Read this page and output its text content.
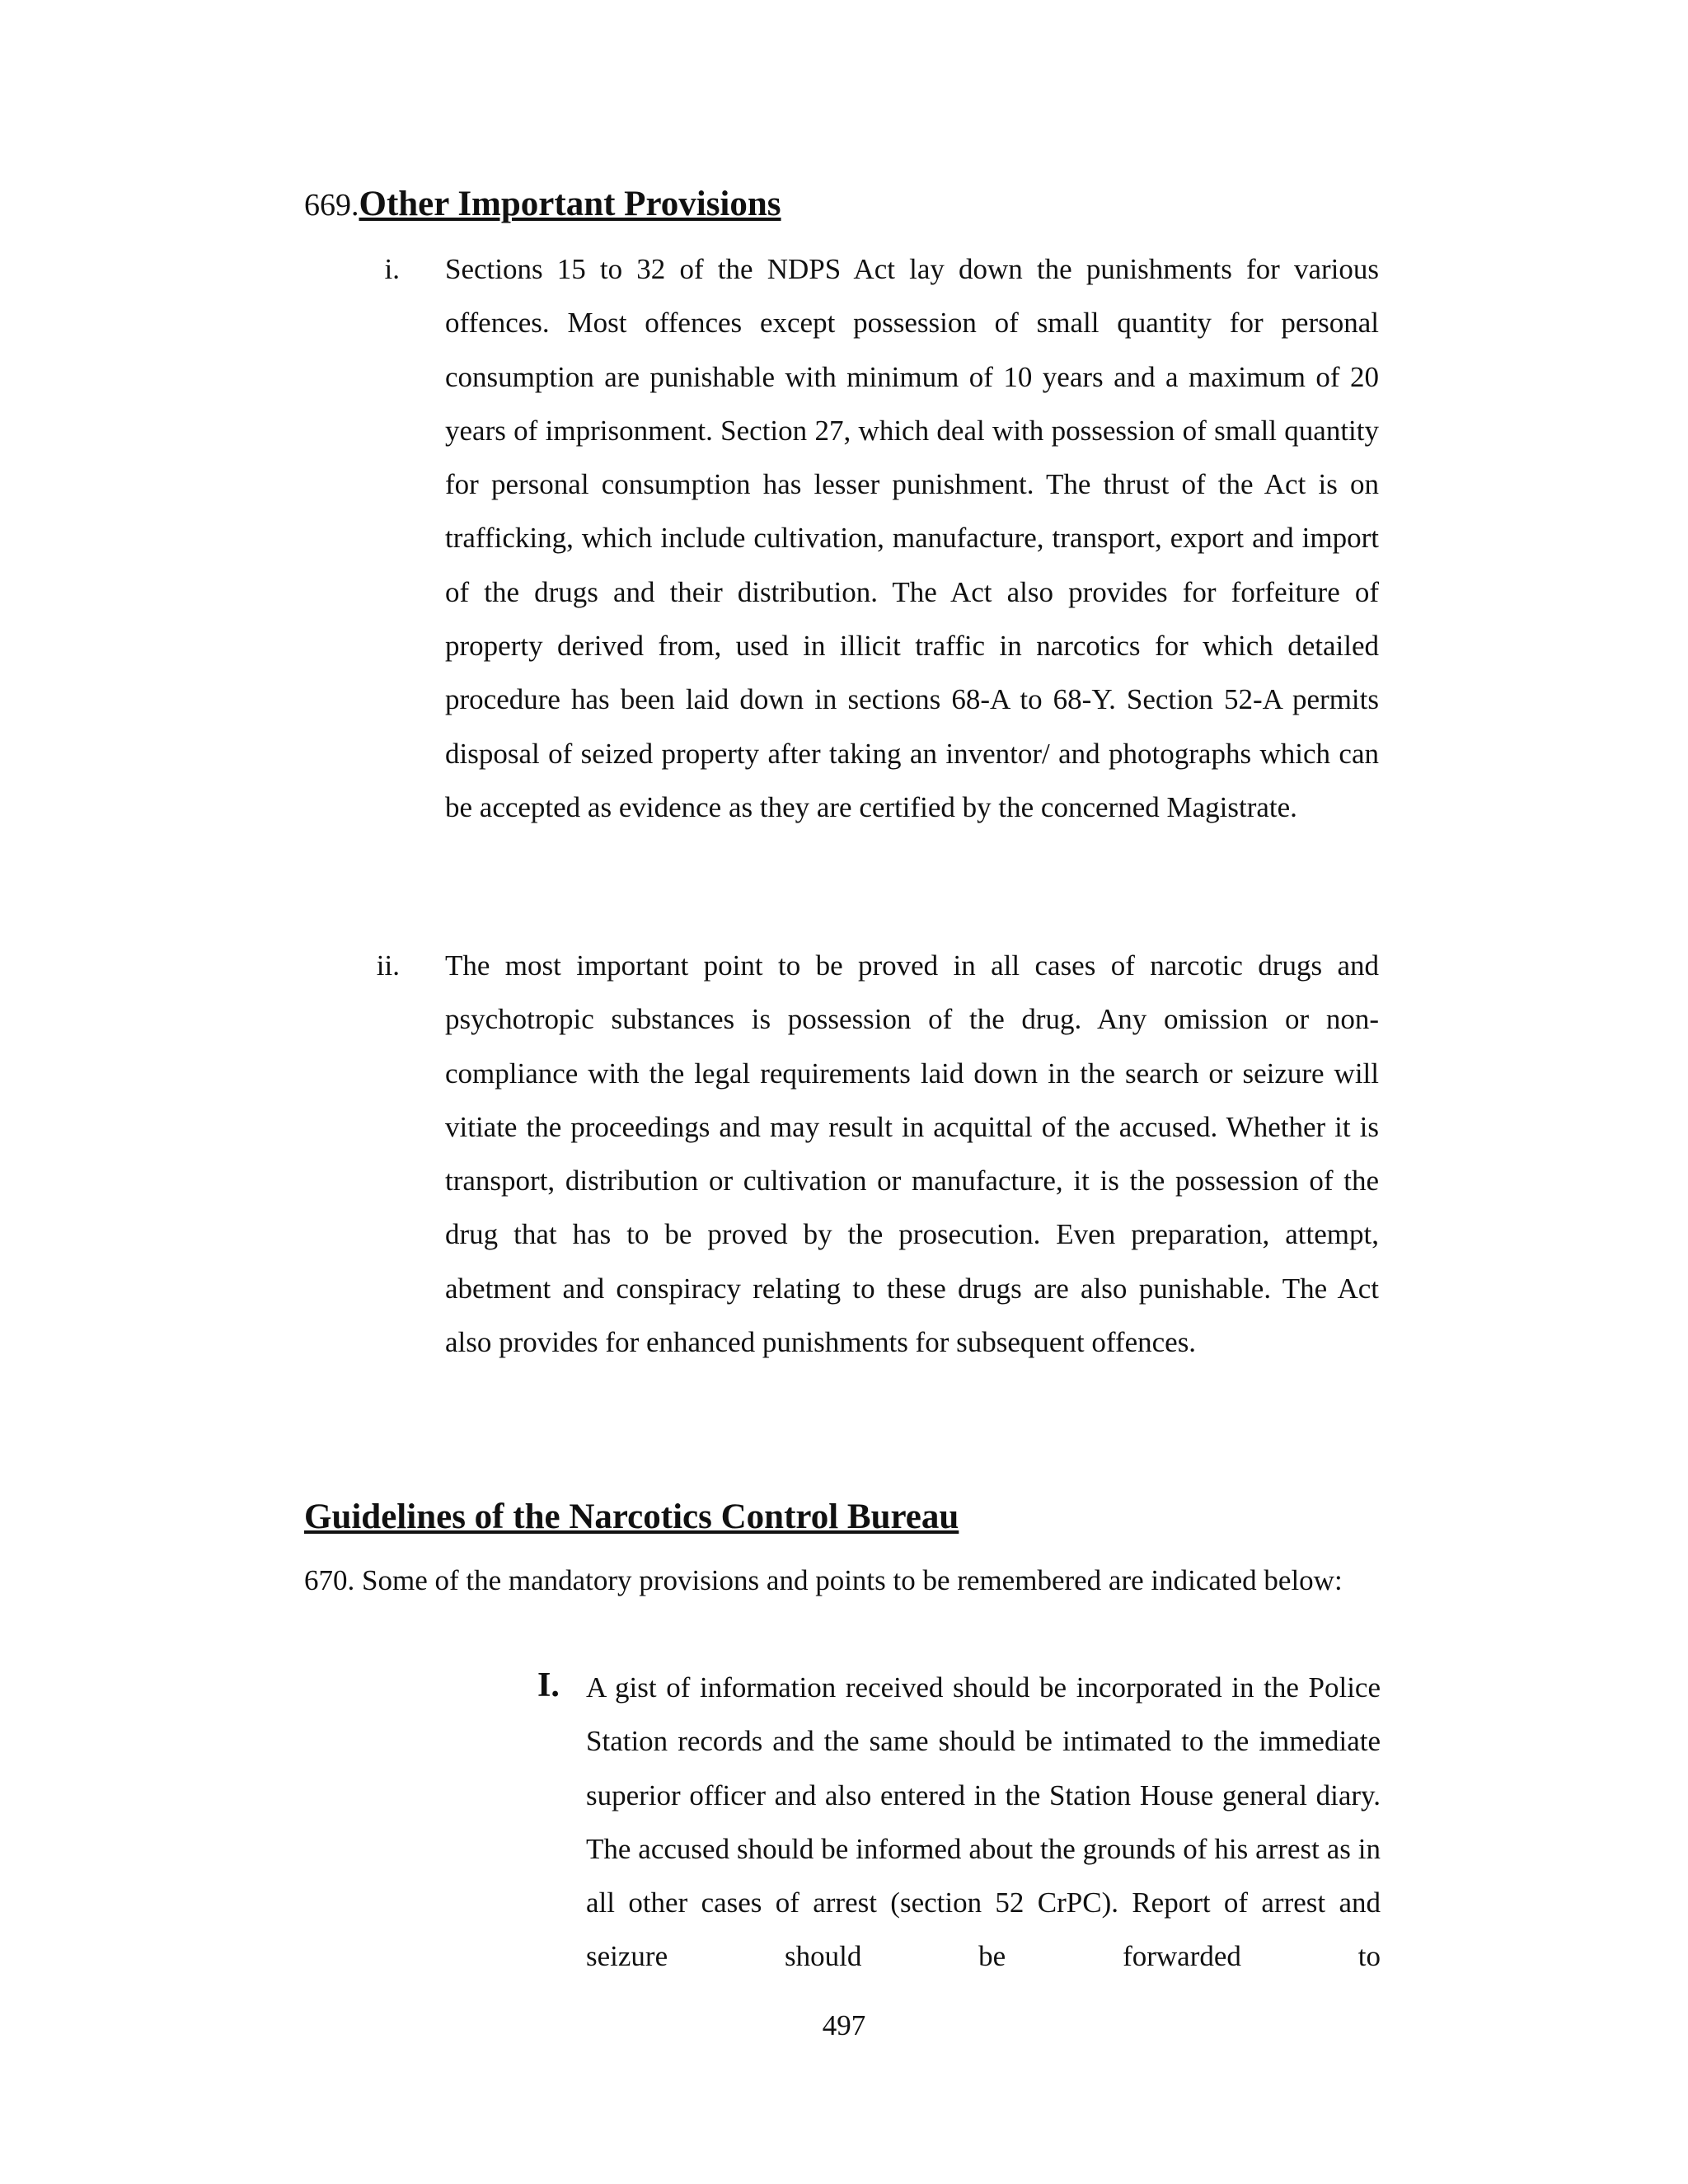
669.Other Important Provisions
i. Sections 15 to 32 of the NDPS Act lay down the punishments for various offences. Most offences except possession of small quantity for personal consumption are punishable with minimum of 10 years and a maximum of 20 years of imprisonment. Section 27, which deal with possession of small quantity for personal consumption has lesser punishment. The thrust of the Act is on trafficking, which include cultivation, manufacture, transport, export and import of the drugs and their distribution. The Act also provides for forfeiture of property derived from, used in illicit traffic in narcotics for which detailed procedure has been laid down in sections 68-A to 68-Y. Section 52-A permits disposal of seized property after taking an inventor/ and photographs which can be accepted as evidence as they are certified by the concerned Magistrate.
ii. The most important point to be proved in all cases of narcotic drugs and psychotropic substances is possession of the drug. Any omission or non-compliance with the legal requirements laid down in the search or seizure will vitiate the proceedings and may result in acquittal of the accused. Whether it is transport, distribution or cultivation or manufacture, it is the possession of the drug that has to be proved by the prosecution. Even preparation, attempt, abetment and conspiracy relating to these drugs are also punishable. The Act also provides for enhanced punishments for subsequent offences.
Guidelines of the Narcotics Control Bureau
670. Some of the mandatory provisions and points to be remembered are indicated below:
I. A gist of information received should be incorporated in the Police Station records and the same should be intimated to the immediate superior officer and also entered in the Station House general diary. The accused should be informed about the grounds of his arrest as in all other cases of arrest (section 52 CrPC). Report of arrest and seizure should be forwarded to
497
